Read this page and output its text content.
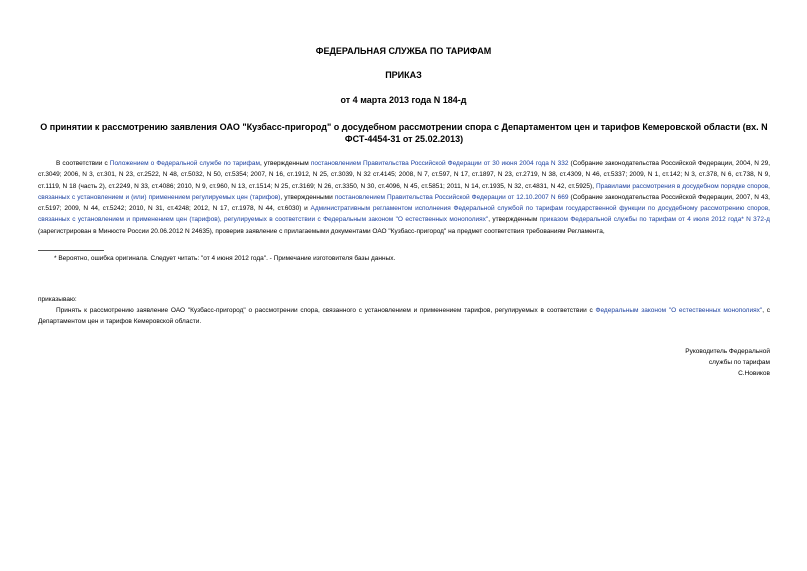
ФЕДЕРАЛЬНАЯ СЛУЖБА ПО ТАРИФАМ

ПРИКАЗ

от 4 марта 2013 года N 184-д

О принятии к рассмотрению заявления ОАО "Кузбасс-пригород" о досудебном рассмотрении спора с Департаментом цен и тарифов Кемеровской области (вх. N
ФСТ-4454-31 от 25.02.2013)

В соответствии с Положением о Федеральной службе по тарифам, утвержденным постановлением Правительства Российской Федерации от 30 июня 2004 года N 332 (Собрание законодательства Российской Федерации, 2004, N 29, ст.3049; 2006, N 3, ст.301, N 23, ст.2522, N 48, ст.5032, N 50, ст.5354; 2007, N 16, ст.1912, N 25, ст.3039, N 32 ст.4145; 2008, N 7, ст.597, N 17, ст.1897, N 23, ст.2719, N 38, ст.4309, N 46, ст.5337; 2009, N 1, ст.142; N 3, ст.378, N 6, ст.738, N 9, ст.1119, N 18 (часть 2), ст.2249, N 33, ст.4086; 2010, N 9, ст.960, N 13, ст.1514; N 25, ст.3169; N 26, ст.3350, N 30, ст.4096, N 45, ст.5851; 2011, N 14, ст.1935, N 32, ст.4831, N 42, ст.5925), Правилами рассмотрения в досудебном порядке споров, связанных с установлением и (или) применением регулируемых цен (тарифов), утвержденными постановлением Правительства Российской Федерации от 12.10.2007 N 669 (Собрание законодательства Российской Федерации, 2007, N 43, ст.5197; 2009, N 44, ст.5242; 2010, N 31, ст.4248; 2012, N 17, ст.1978, N 44, ст.6030) и Административным регламентом исполнения Федеральной службой по тарифам государственной функции по досудебному рассмотрению споров, связанных с установлением и применением цен (тарифов), регулируемых в соответствии с Федеральным законом "О естественных монополиях", утвержденным приказом Федеральной службы по тарифам от 4 июля 2012 года* N 372-д (зарегистрирован в Минюсте России 20.06.2012 N 24635), проверив заявление с прилагаемыми документами ОАО "Кузбасс-пригород" на предмет соответствия требованиям Регламента,

* Вероятно, ошибка оригинала. Следует читать: "от 4 июня 2012 года". - Примечание изготовителя базы данных.

приказываю:

Принять к рассмотрению заявление ОАО "Кузбасс-пригород" о рассмотрении спора, связанного с установлением и применением тарифов, регулируемых в соответствии с Федеральным законом "О естественных монополиях", с Департаментом цен и тарифов Кемеровской области.

Руководитель Федеральной
службы по тарифам
С.Новиков
